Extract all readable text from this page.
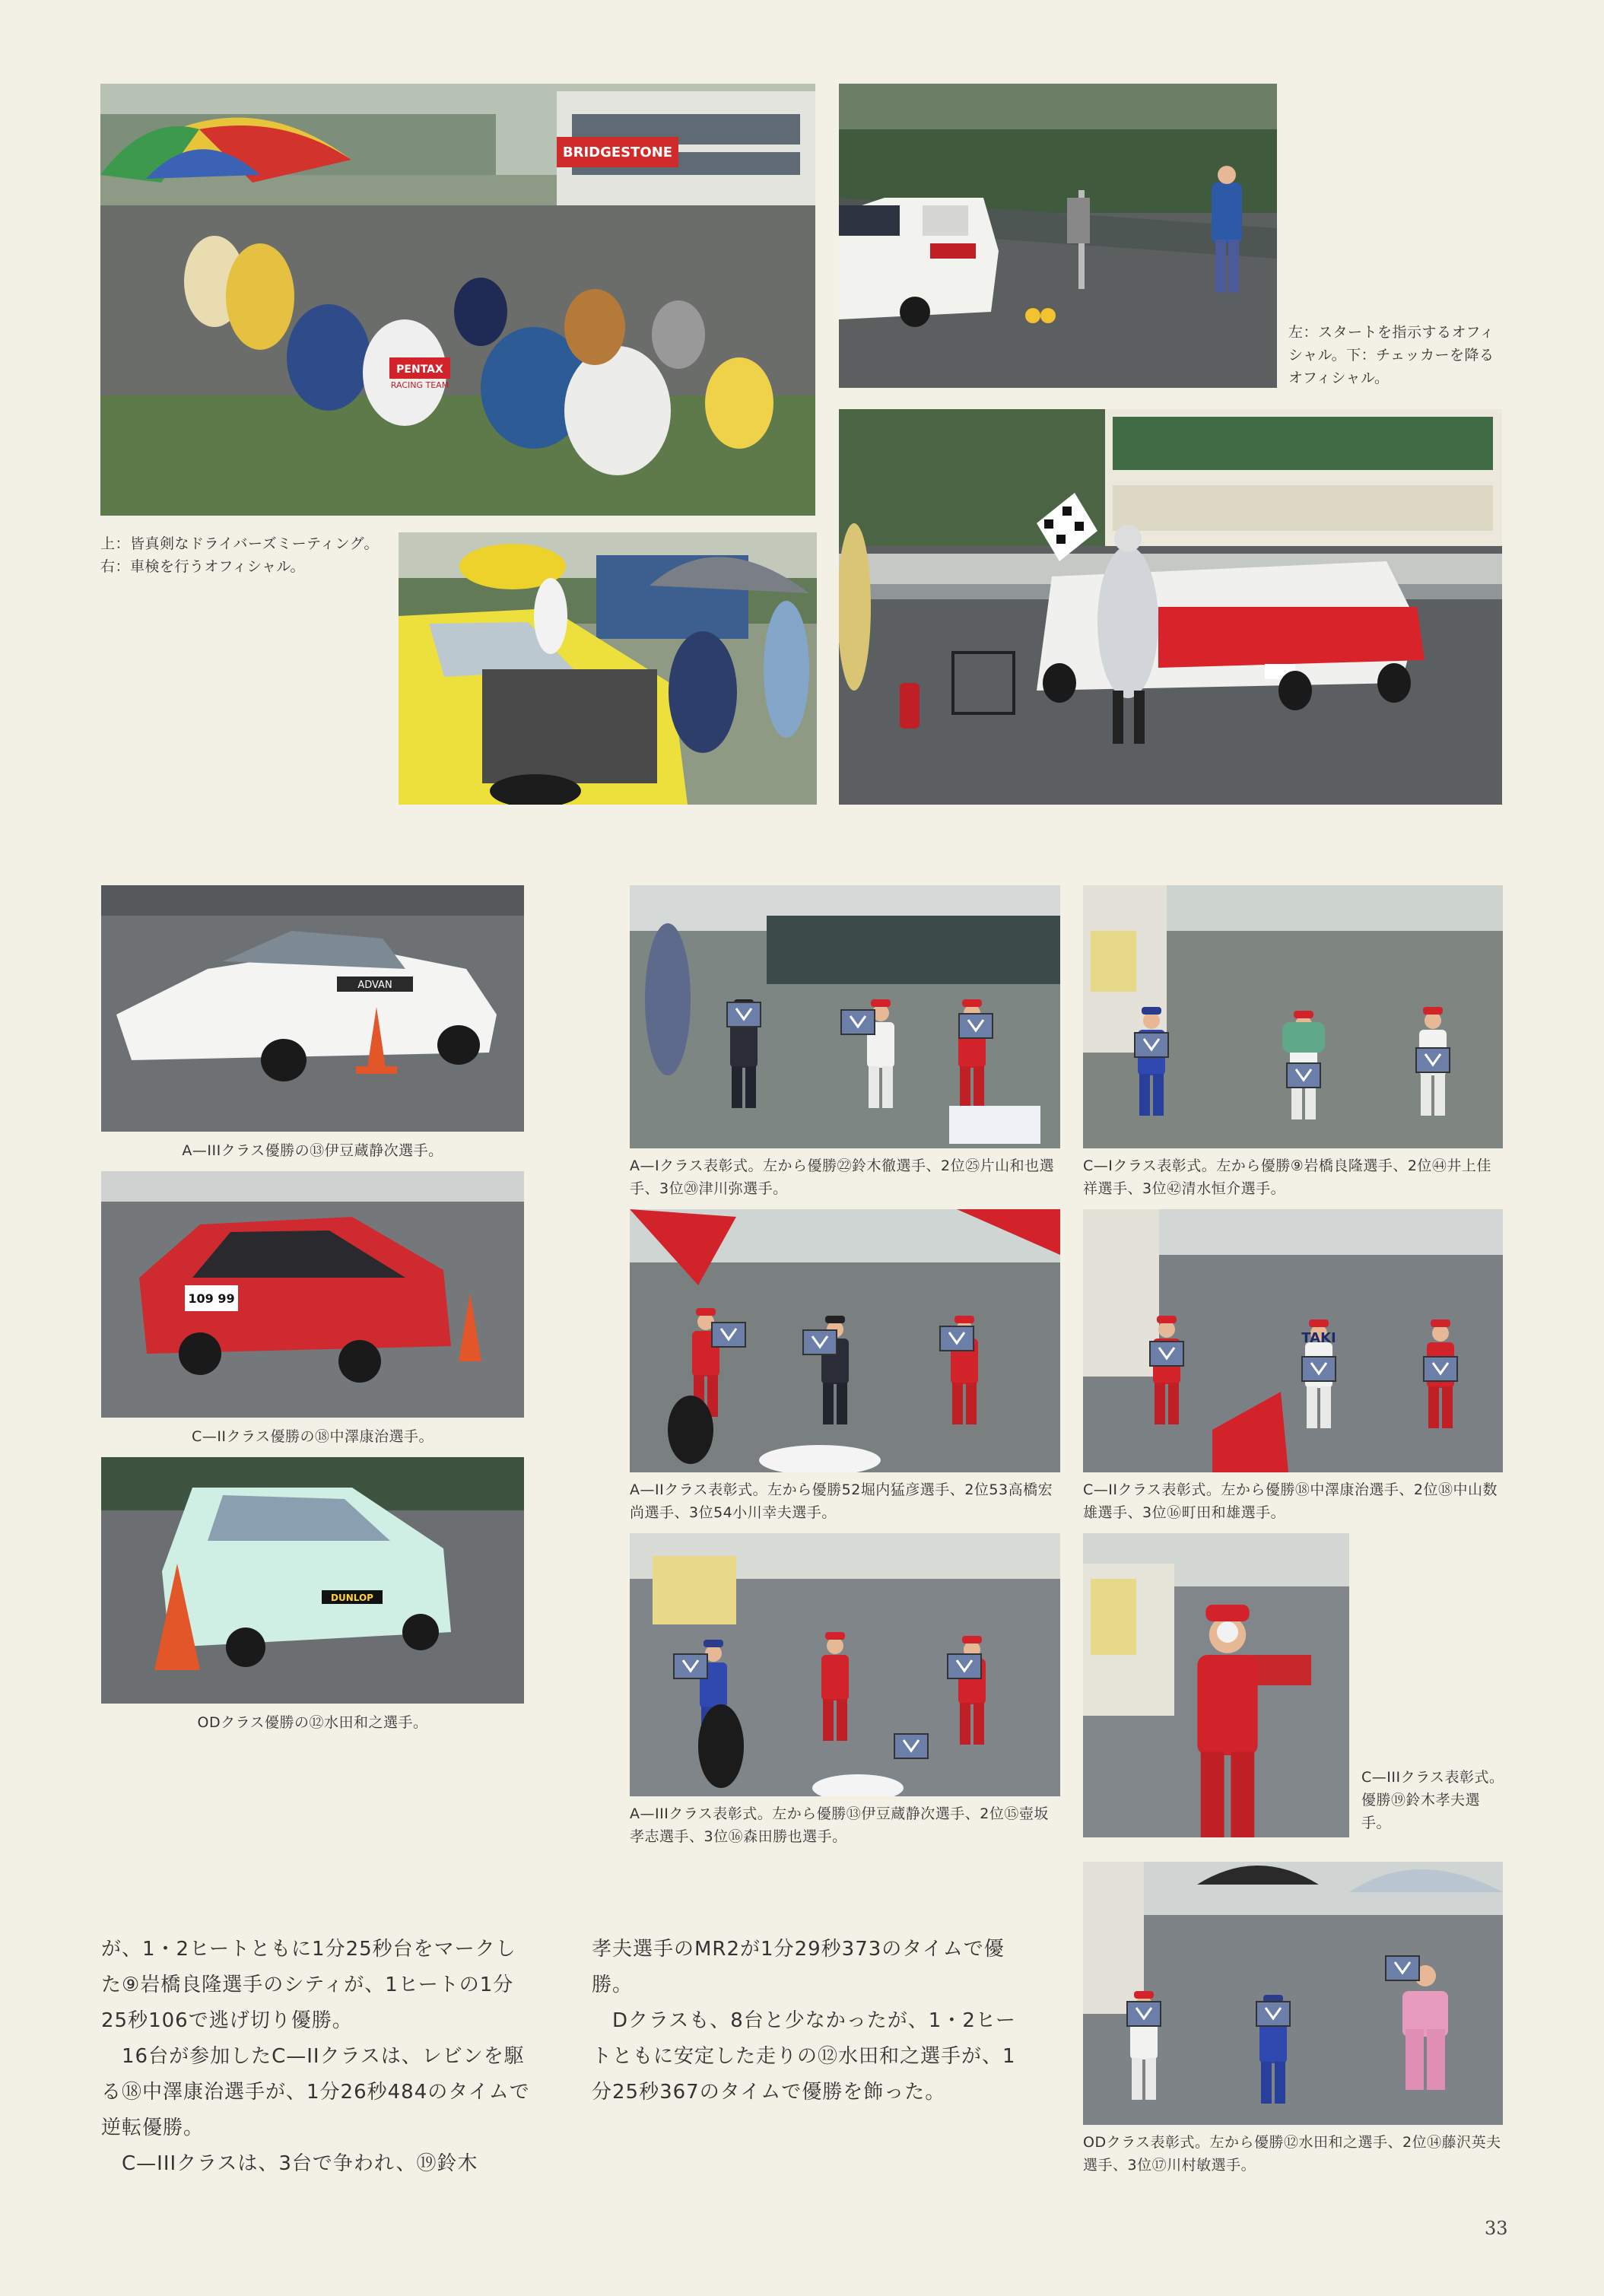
BRIDGESTONE
PENTAX
RACING TEAM
上：皆真剣なドライバーズミーティング。右：車検を行うオフィシャル。
左：スタートを指示するオフィシャル。下：チェッカーを降るオフィシャル。
ADVAN
A—IIIクラス優勝の⑬伊豆蔵静次選手。
109 99
C—IIクラス優勝の⑱中澤康治選手。
DUNLOP
ODクラス優勝の⑫水田和之選手。
A—Iクラス表彰式。左から優勝㉒鈴木徹選手、2位㉕片山和也選手、3位⑳津川弥選手。
A—IIクラス表彰式。左から優勝52堀内猛彦選手、2位53高橋宏尚選手、3位54小川幸夫選手。
A—IIIクラス表彰式。左から優勝⑬伊豆蔵静次選手、2位⑮壺坂孝志選手、3位⑯森田勝也選手。
C—Iクラス表彰式。左から優勝⑨岩橋良隆選手、2位㊹井上佳祥選手、3位㊷清水恒介選手。
TAKI
C—IIクラス表彰式。左から優勝⑱中澤康治選手、2位⑱中山数雄選手、3位⑯町田和雄選手。
C—IIIクラス表彰式。優勝⑲鈴木孝夫選手。
ODクラス表彰式。左から優勝⑫水田和之選手、2位⑭藤沢英夫選手、3位⑰川村敏選手。
が、1・2ヒートともに1分25秒台をマークした⑨岩橋良隆選手のシティが、1ヒートの1分25秒106で逃げ切り優勝。
　16台が参加したC—IIクラスは、レビンを駆る⑱中澤康治選手が、1分26秒484のタイムで逆転優勝。
　C—IIIクラスは、3台で争われ、⑲鈴木
孝夫選手のMR2が1分29秒373のタイムで優勝。
　Dクラスも、8台と少なかったが、1・2ヒートともに安定した走りの⑫水田和之選手が、1分25秒367のタイムで優勝を飾った。
33
